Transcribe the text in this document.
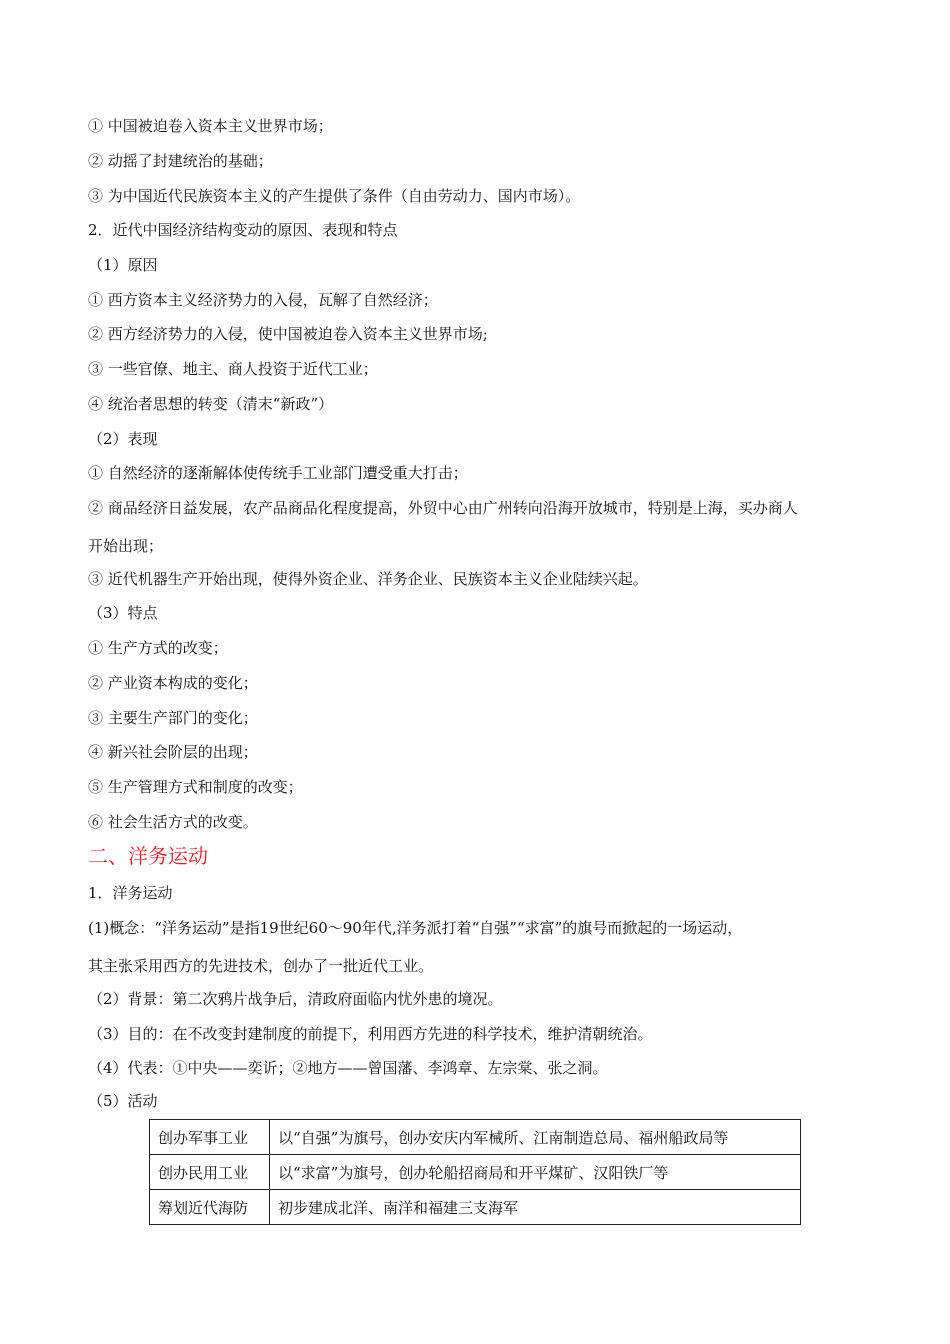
① 中国被迫卷入资本主义世界市场；
② 动摇了封建统治的基础；
③ 为中国近代民族资本主义的产生提供了条件（自由劳动力、国内市场）。
2．近代中国经济结构变动的原因、表现和特点
（1）原因
① 西方资本主义经济势力的入侵，瓦解了自然经济；
② 西方经济势力的入侵，使中国被迫卷入资本主义世界市场;
③ 一些官僚、地主、商人投资于近代工业；
④ 统治者思想的转变（清末“新政”）
（2）表现
① 自然经济的逐渐解体使传统手工业部门遭受重大打击；
② 商品经济日益发展，农产品商品化程度提高，外贸中心由广州转向沿海开放城市，特别是上海，买办商人
开始出现；
③ 近代机器生产开始出现，使得外资企业、洋务企业、民族资本主义企业陆续兴起。
（3）特点
① 生产方式的改变；
② 产业资本构成的变化；
③ 主要生产部门的变化；
④ 新兴社会阶层的出现；
⑤ 生产管理方式和制度的改变；
⑥ 社会生活方式的改变。
二、洋务运动
1．洋务运动
(1)概念：“洋务运动”是指19世纪60～90年代,洋务派打着“自强”“求富”的旗号而掀起的一场运动，
其主张采用西方的先进技术，创办了一批近代工业。
（2）背景：第二次鸦片战争后，清政府面临内忧外患的境况。
（3）目的：在不改变封建制度的前提下，利用西方先进的科学技术，维护清朝统治。
（4）代表：①中央——奕䜣；②地方——曾国藩、李鸿章、左宗棠、张之洞。
（5）活动
创办军事工业	以“自强”为旗号，创办安庆内军械所、江南制造总局、福州船政局等
创办民用工业	以“求富”为旗号，创办轮船招商局和开平煤矿、汉阳铁厂等
筹划近代海防	初步建成北洋、南洋和福建三支海军
